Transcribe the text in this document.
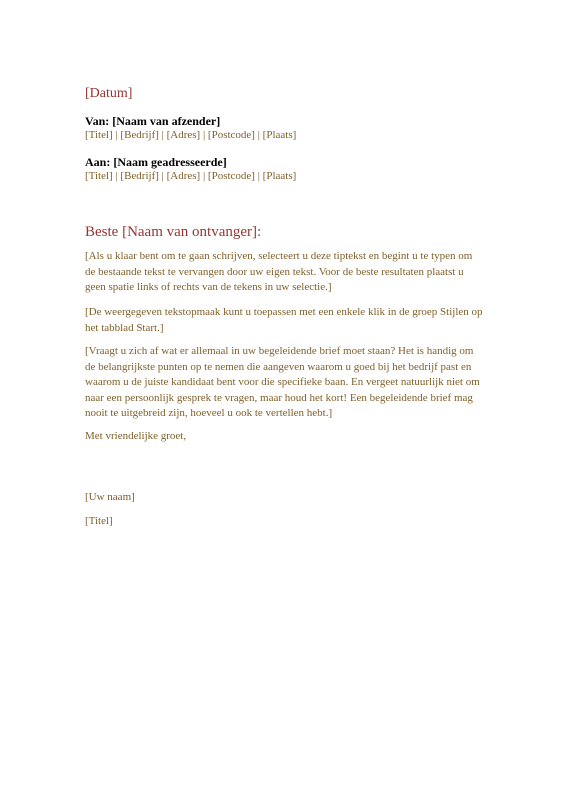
[Datum]
Van: [Naam van afzender]
[Titel] | [Bedrijf] | [Adres] | [Postcode] | [Plaats]
Aan: [Naam geadresseerde]
[Titel] | [Bedrijf] | [Adres] | [Postcode] | [Plaats]
Beste [Naam van ontvanger]:
[Als u klaar bent om te gaan schrijven, selecteert u deze tiptekst en begint u te typen om de bestaande tekst te vervangen door uw eigen tekst. Voor de beste resultaten plaatst u geen spatie links of rechts van de tekens in uw selectie.]
[De weergegeven tekstopmaak kunt u toepassen met een enkele klik in de groep Stijlen op het tabblad Start.]
[Vraagt u zich af wat er allemaal in uw begeleidende brief moet staan? Het is handig om de belangrijkste punten op te nemen die aangeven waarom u goed bij het bedrijf past en waarom u de juiste kandidaat bent voor die specifieke baan. En vergeet natuurlijk niet om naar een persoonlijk gesprek te vragen, maar houd het kort! Een begeleidende brief mag nooit te uitgebreid zijn, hoeveel u ook te vertellen hebt.]
Met vriendelijke groet,
[Uw naam]
[Titel]
